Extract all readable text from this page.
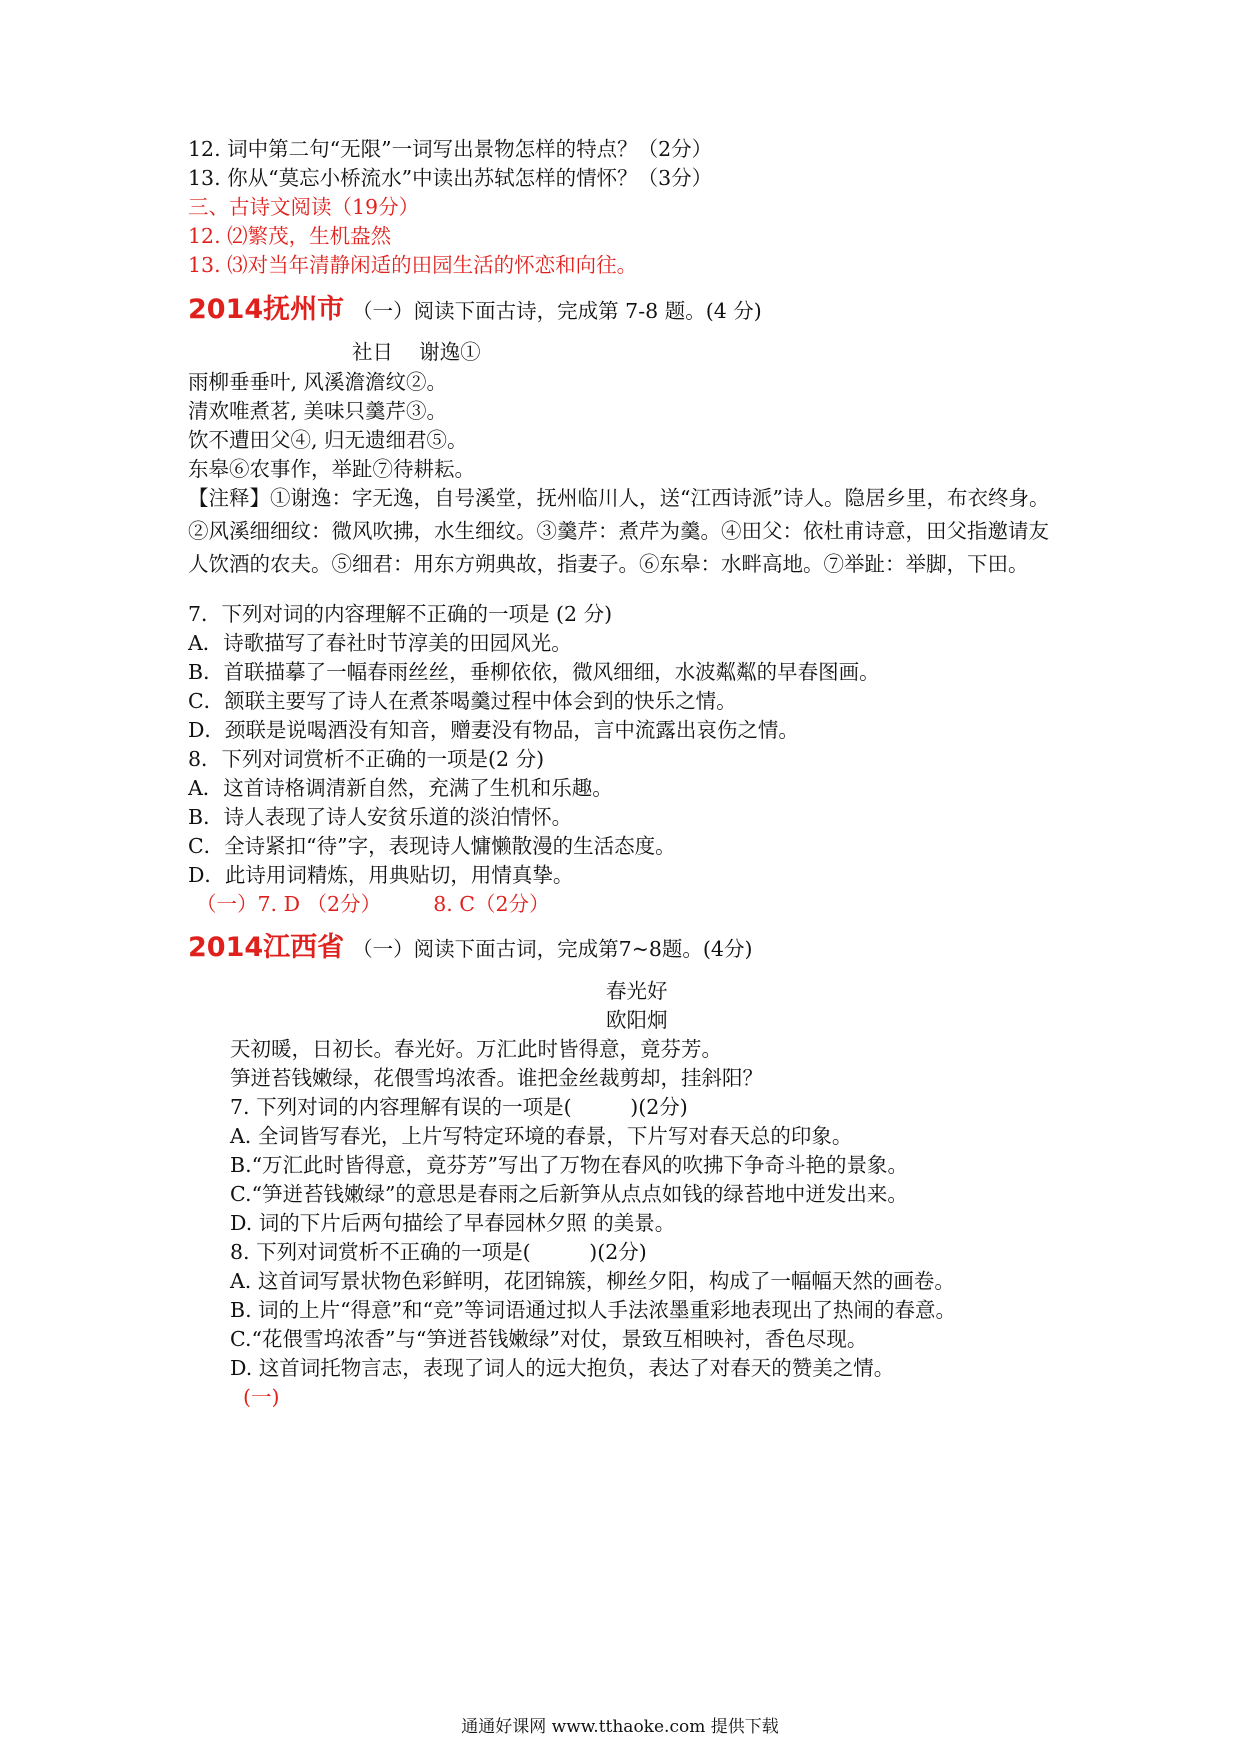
12. 词中第二句“无限”一词写出景物怎样的特点？（2分）
13. 你从“莫忘小桥流水”中读出苏轼怎样的情怀？（3分）
三、古诗文阅读（19分）
12. ⑵繁茂，生机盎然
13. ⑶对当年清静闲适的田园生活的怀恋和向往。
2014抚州市 （一）阅读下面古诗，完成第 7-8 题。(4 分)
社日    谢逸①
雨柳垂垂叶, 风溪澹澹纹②。
清欢唯煮茗, 美味只羹芹③。
饮不遭田父④, 归无遗细君⑤。
东皋⑥农事作，举趾⑦待耕耘。
【注释】①谢逸：字无逸，自号溪堂，抚州临川人，送“江西诗派”诗人。隐居乡里，布衣终身。②风溪细细纹：微风吹拂，水生细纹。③羹芹：煮芹为羹。④田父：依杜甫诗意，田父指邀请友人饮酒的农夫。⑤细君：用东方朔典故，指妻子。⑥东皋：水畔高地。⑦举趾：举脚，下田。
7．下列对词的内容理解不正确的一项是 (2 分)
A．诗歌描写了春社时节淳美的田园风光。
B．首联描摹了一幅春雨丝丝，垂柳依依，微风细细，水波粼粼的早春图画。
C．颔联主要写了诗人在煮茶喝羹过程中体会到的快乐之情。
D．颈联是说喝酒没有知音，赠妻没有物品，言中流露出哀伤之情。
8．下列对词赏析不正确的一项是(2 分)
A．这首诗格调清新自然，充满了生机和乐趣。
B．诗人表现了诗人安贫乐道的淡泊情怀。
C．全诗紧扣“待”字，表现诗人慵懒散漫的生活态度。
D．此诗用词精炼，用典贴切，用情真挚。
（一）7. D （2分）        8. C（2分）
2014江西省 （一）阅读下面古词，完成第7~8题。(4分)
春光好
欧阳炯
天初暖，日初长。春光好。万汇此时皆得意，竟芬芳。
笋迸苔钱嫩绿，花偎雪坞浓香。谁把金丝裁剪却，挂斜阳？
7. 下列对词的内容理解有误的一项是(         )(2分)
A. 全词皆写春光，上片写特定环境的春景，下片写对春天总的印象。
B.“万汇此时皆得意，竟芬芳”写出了万物在春风的吹拂下争奇斗艳的景象。
C.“笋迸苔钱嫩绿”的意思是春雨之后新笋从点点如钱的绿苔地中迸发出来。
D. 词的下片后两句描绘了早春园林夕照 的美景。
8. 下列对词赏析不正确的一项是(         )(2分)
A. 这首词写景状物色彩鲜明，花团锦簇，柳丝夕阳，构成了一幅幅天然的画卷。
B. 词的上片“得意”和“竞”等词语通过拟人手法浓墨重彩地表现出了热闹的春意。
C.“花偎雪坞浓香”与“笋迸苔钱嫩绿”对仗，景致互相映衬，香色尽现。
D. 这首词托物言志，表现了词人的远大抱负，表达了对春天的赞美之情。
(一)
通通好课网 www.tthaoke.com 提供下载
